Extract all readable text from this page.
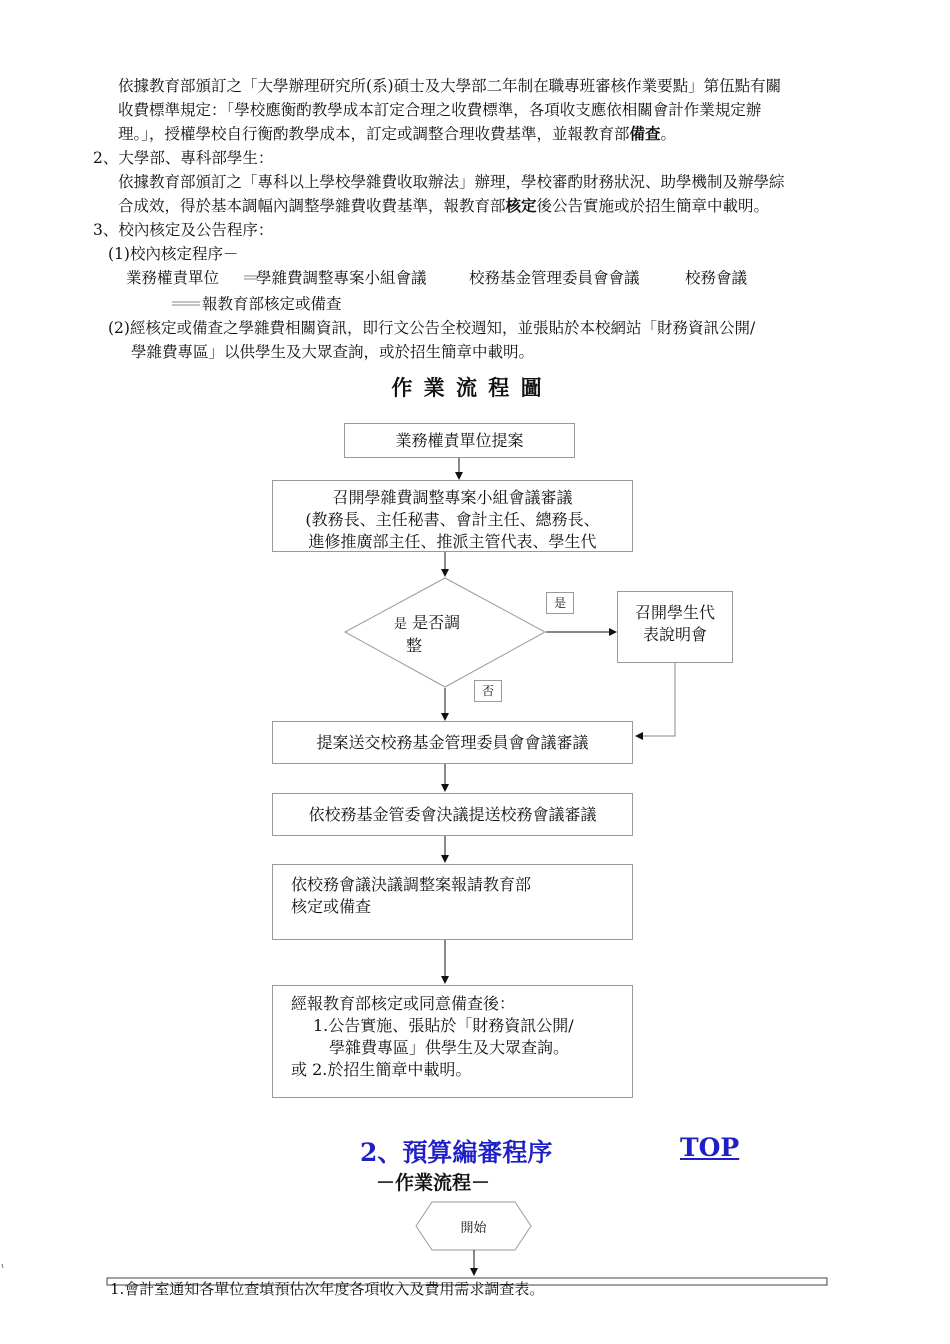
依據教育部頒訂之「大學辦理研究所(系)碩士及大學部二年制在職專班審核作業要點」第伍點有關
收費標準規定：「學校應衡酌教學成本訂定合理之收費標準，各項收支應依相關會計作業規定辦
理。」，授權學校自行衡酌教學成本，訂定或調整合理收費基準，並報教育部備查。
2、大學部、專科部學生：
依據教育部頒訂之「專科以上學校學雜費收取辦法」辦理，學校審酌財務狀況、助學機制及辦學綜
合成效，得於基本調幅內調整學雜費收費基準，報教育部核定後公告實施或於招生簡章中載明。
3、校內核定及公告程序：
(1)校內核定程序－
業務權責單位 學雜費調整專案小組會議	校務基金管理委員會會議	校務會議
報教育部核定或備查
(2)經核定或備查之學雜費相關資訊，即行文公告全校週知，並張貼於本校網站「財務資訊公開/
學雜費專區」以供學生及大眾查詢，或於招生簡章中載明。
作 業 流 程 圖
業務權責單位提案
召開學雜費調整專案小組會議審議
(教務長、主任秘書、會計主任、總務長、
進修推廣部主任、推派主管代表、學生代
是 是否調
整
是
否
召開學生代
表說明會
提案送交校務基金管理委員會會議審議
依校務基金管委會決議提送校務會議審議
依校務會議決議調整案報請教育部
核定或備查
經報教育部核定或同意備查後：
1.公告實施、張貼於「財務資訊公開/
學雜費專區」供學生及大眾查詢。
或 2.於招生簡章中載明。
2、預算編審程序	TOP
－作業流程－
開始
1.會計室通知各單位查填預估次年度各項收入及費用需求調查表。
